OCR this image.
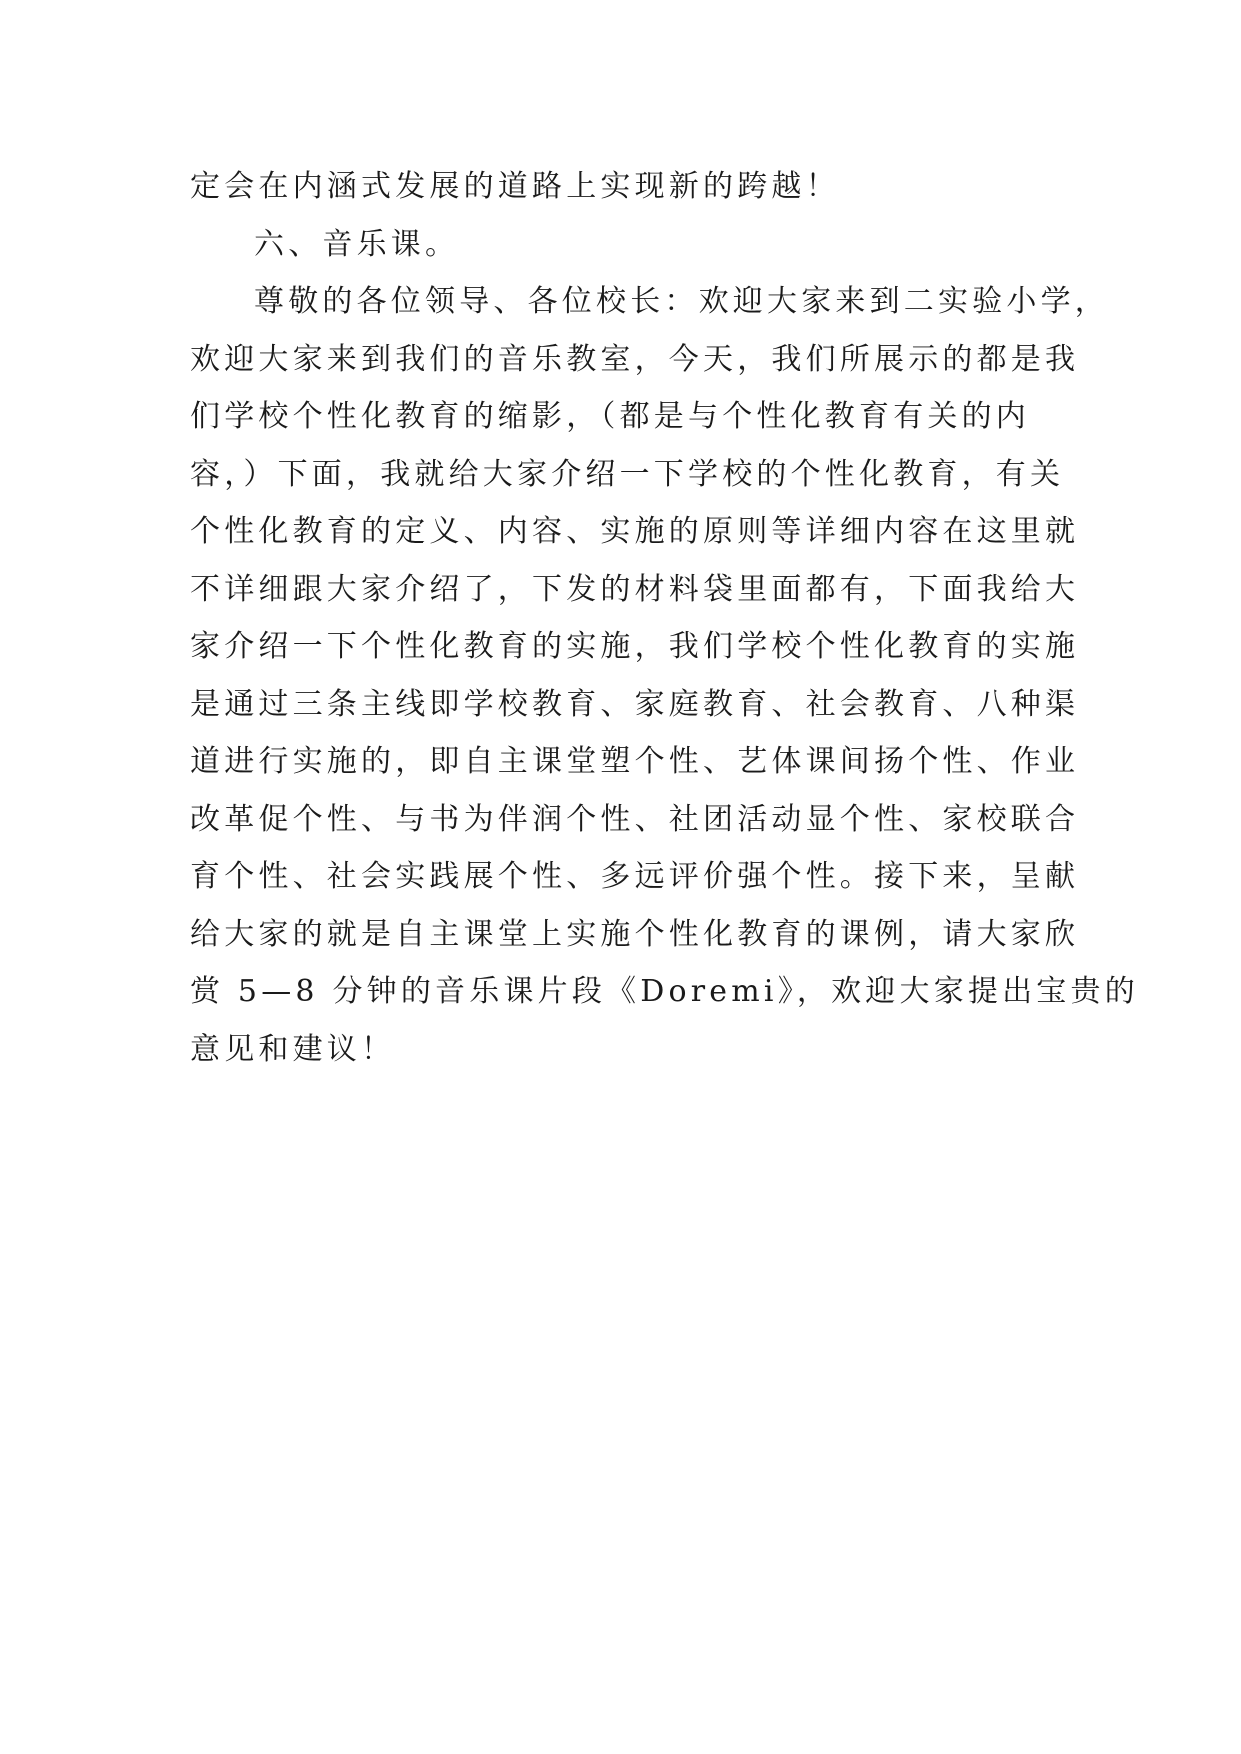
定会在内涵式发展的道路上实现新的跨越！
六、音乐课。
尊敬的各位领导、各位校长：欢迎大家来到二实验小学，
欢迎大家来到我们的音乐教室，今天，我们所展示的都是我
们学校个性化教育的缩影，（都是与个性化教育有关的内
容，）下面，我就给大家介绍一下学校的个性化教育，有关
个性化教育的定义、内容、实施的原则等详细内容在这里就
不详细跟大家介绍了，下发的材料袋里面都有，下面我给大
家介绍一下个性化教育的实施，我们学校个性化教育的实施
是通过三条主线即学校教育、家庭教育、社会教育、八种渠
道进行实施的，即自主课堂塑个性、艺体课间扬个性、作业
改革促个性、与书为伴润个性、社团活动显个性、家校联合
育个性、社会实践展个性、多远评价强个性。接下来，呈献
给大家的就是自主课堂上实施个性化教育的课例，请大家欣
赏 5—8 分钟的音乐课片段《Doremi》，欢迎大家提出宝贵的
意见和建议！
